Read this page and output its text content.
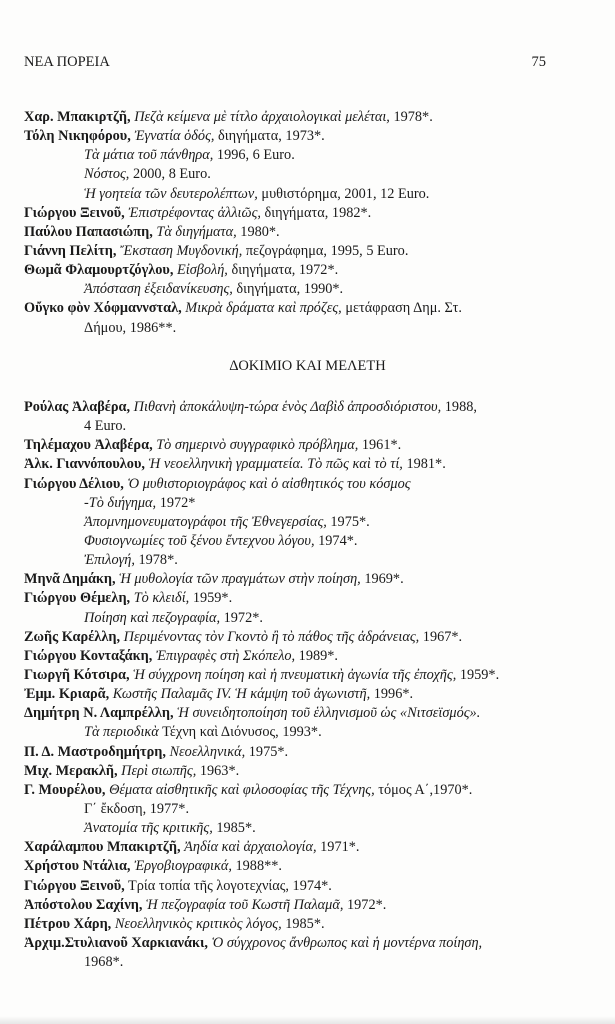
ΝΕΑ ΠΟΡΕΙΑ	75
Χαρ. Μπακιρτζῆ, Πεζὰ κείμενα μὲ τίτλο ἀρχαιολογικαὶ μελέται, 1978*.
Τόλη Νικηφόρου, Ἐγνατία ὁδός, διηγήματα, 1973*.
Τὰ μάτια τοῦ πάνθηρα, 1996, 6 Euro.
Νόστος, 2000, 8 Euro.
Ἡ γοητεία τῶν δευτερολέπτων, μυθιστόρημα, 2001, 12 Euro.
Γιώργου Ξεινοῦ, Ἐπιστρέφοντας ἀλλιῶς, διηγήματα, 1982*.
Παύλου Παπασιώπη, Τὰ διηγήματα, 1980*.
Γιάννη Πελίτη, Ἔκσταση Μυγδονική, πεζογράφημα, 1995, 5 Euro.
Θωμᾶ Φλαμουρτζόγλου, Εἰσβολή, διηγήματα, 1972*.
Ἀπόσταση ἐξειδανίκευσης, διηγήματα, 1990*.
Οὔγκο φὸν Χόφμαννσταλ, Μικρὰ δράματα καὶ πρόζες, μετάφραση Δημ. Στ.
Δήμου, 1986**.
ΔΟΚΙΜΙΟ ΚΑΙ ΜΕΛΕΤΗ
Ρούλας Ἀλαβέρα, Πιθανὴ ἀποκάλυψη-τώρα ἑνὸς Δαβὶδ ἀπροσδιόριστου, 1988,
4 Euro.
Τηλέμαχου Ἀλαβέρα, Τὸ σημερινὸ συγγραφικὸ πρόβλημα, 1961*.
Ἀλκ. Γιαννόπουλου, Ἡ νεοελληνικὴ γραμματεία. Τὸ πῶς καὶ τὸ τί, 1981*.
Γιώργου Δέλιου, Ὁ μυθιστοριογράφος καὶ ὁ αἰσθητικός του κόσμος
-Τὸ διήγημα, 1972*
Ἀπομνημονευματογράφοι τῆς Ἐθνεγερσίας, 1975*.
Φυσιογνωμίες τοῦ ξένου ἔντεχνου λόγου, 1974*.
Ἐπιλογή, 1978*.
Μηνᾶ Δημάκη, Ἡ μυθολογία τῶν πραγμάτων στὴν ποίηση, 1969*.
Γιώργου Θέμελη, Τὸ κλειδί, 1959*.
Ποίηση καὶ πεζογραφία, 1972*.
Ζωῆς Καρέλλη, Περιμένοντας τὸν Γκοντὸ ἢ τὸ πάθος τῆς ἀδράνειας, 1967*.
Γιώργου Κονταξάκη, Ἐπιγραφὲς στὴ Σκόπελο, 1989*.
Γιωργῆ Κότσιρα, Ἡ σύγχρονη ποίηση καὶ ἡ πνευματικὴ ἀγωνία τῆς ἐποχῆς, 1959*.
Ἐμμ. Κριαρᾶ, Κωστῆς Παλαμᾶς IV. Ἡ κάμψη τοῦ ἀγωνιστῆ, 1996*.
Δημήτρη Ν. Λαμπρέλλη, Ἡ συνειδητοποίηση τοῦ ἑλληνισμοῦ ὡς «Νιτσεϊσμός».
Τὰ περιοδικὰ Τέχνη καὶ Διόνυσος, 1993*.
Π. Δ. Μαστροδημήτρη, Νεοελληνικά, 1975*.
Μιχ. Μερακλῆ, Περὶ σιωπῆς, 1963*.
Γ. Μουρέλου, Θέματα αἰσθητικῆς καὶ φιλοσοφίας τῆς Τέχνης, τόμος Α΄,1970*.
Γ΄ ἔκδοση, 1977*.
Ἀνατομία τῆς κριτικῆς, 1985*.
Χαράλαμπου Μπακιρτζῆ, Ἀηδία καὶ ἀρχαιολογία, 1971*.
Χρήστου Ντάλια, Ἐργοβιογραφικά, 1988**.
Γιώργου Ξεινοῦ, Τρία τοπία τῆς λογοτεχνίας, 1974*.
Ἀπόστολου Σαχίνη, Ἡ πεζογραφία τοῦ Κωστῆ Παλαμᾶ, 1972*.
Πέτρου Χάρη, Νεοελληνικὸς κριτικὸς λόγος, 1985*.
Ἀρχιμ.Στυλιανοῦ Χαρκιανάκι, Ὁ σύγχρονος ἄνθρωπος καὶ ἡ μοντέρνα ποίηση,
1968*.
